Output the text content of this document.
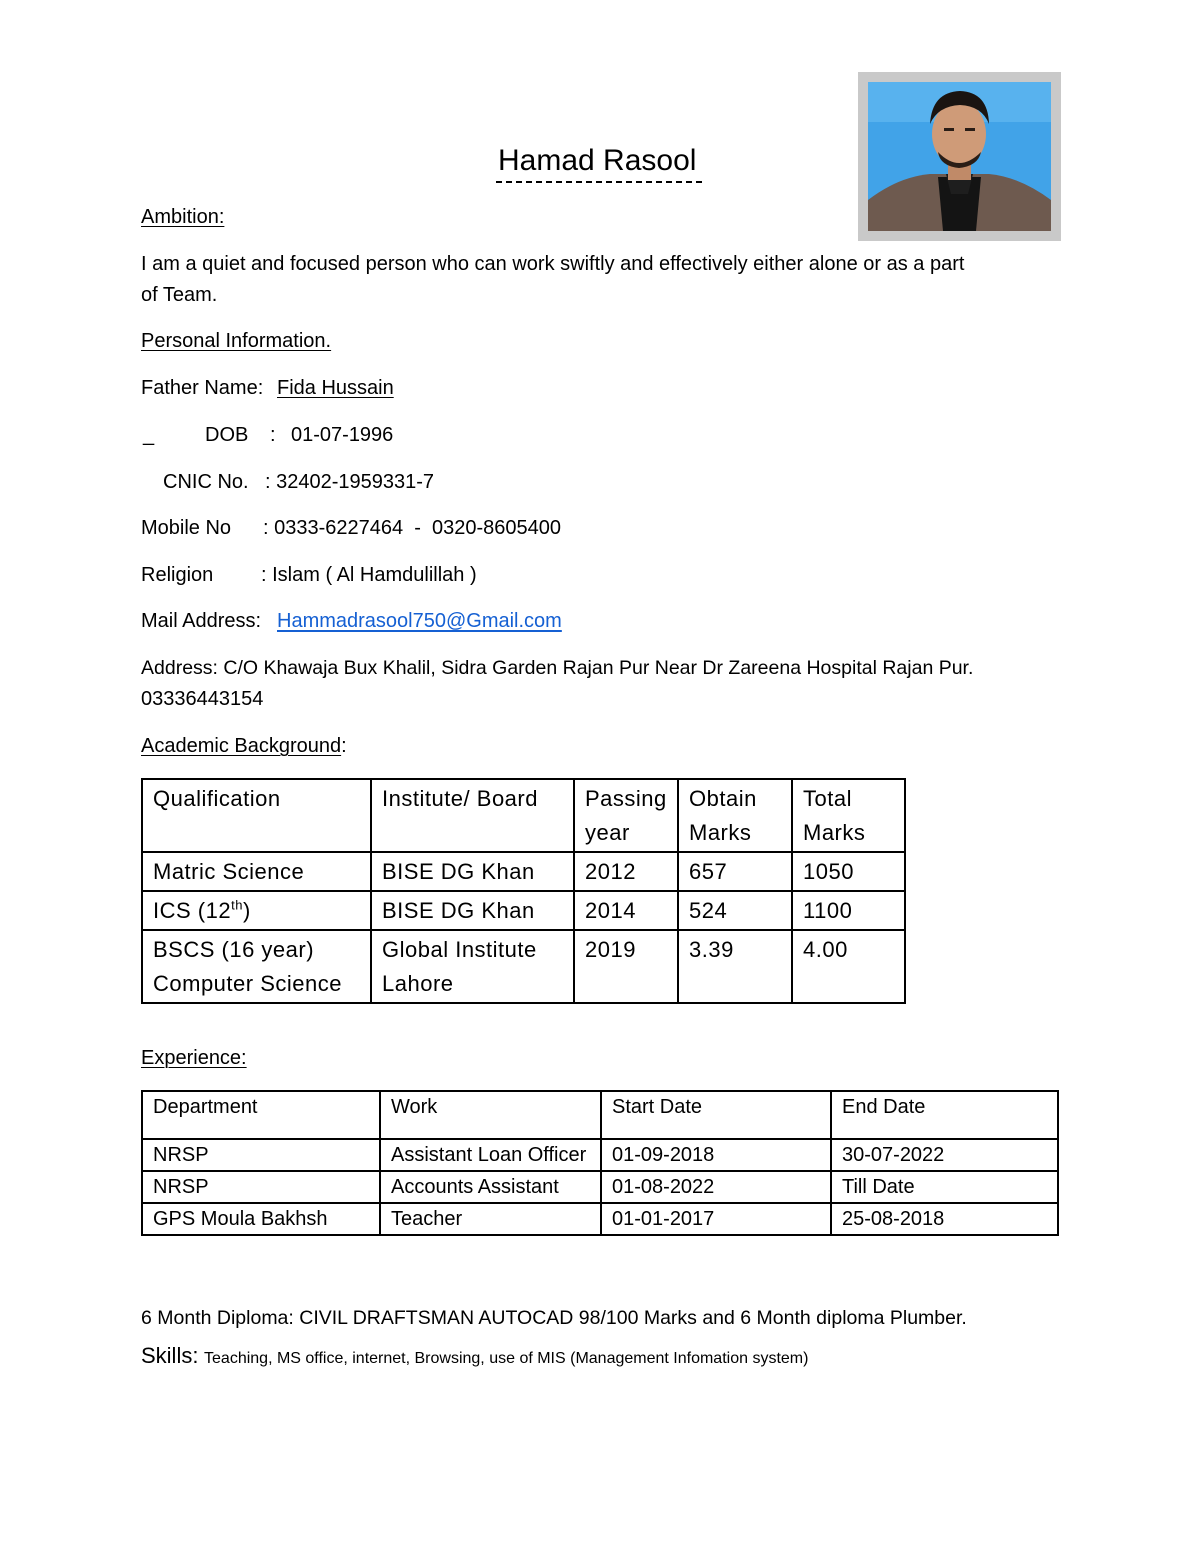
Hamad Rasool
Ambition:
I am a quiet and focused person who can work swiftly and effectively either alone or as a part
of Team.
Personal Information.
Father Name: Fida Hussain
_	DOB : 01-07-1996
CNIC No. : 32402-1959331-7
Mobile No : 0333-6227464  -  0320-8605400
Religion : Islam ( Al Hamdulillah )
Mail Address: Hammadrasool750@Gmail.com
Address: C/O Khawaja Bux Khalil, Sidra Garden Rajan Pur Near Dr Zareena Hospital Rajan Pur.
03336443154
Academic Background:
Qualification	Institute/ Board	Passing year	Obtain Marks	Total Marks
Matric Science	BISE DG Khan	2012	657	1050
ICS (12th)	BISE DG Khan	2014	524	1100
BSCS (16 year) Computer Science	Global Institute Lahore	2019	3.39	4.00
Experience:
Department	Work	Start Date	End Date
NRSP	Assistant Loan Officer	01-09-2018	30-07-2022
NRSP	Accounts Assistant	01-08-2022	Till Date
GPS Moula Bakhsh	Teacher	01-01-2017	25-08-2018
6 Month Diploma: CIVIL DRAFTSMAN AUTOCAD 98/100 Marks and 6 Month diploma Plumber.
Skills: Teaching, MS office, internet, Browsing, use of MIS (Management Infomation system)
